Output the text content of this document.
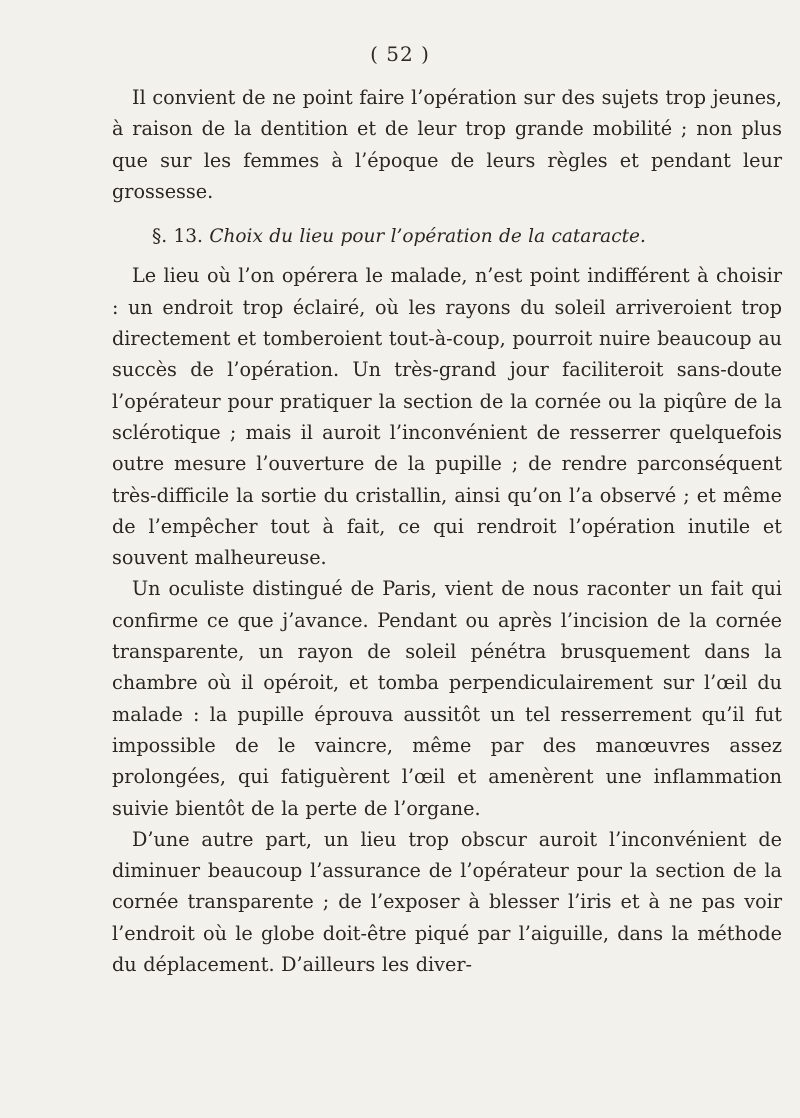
( 52 )

Il convient de ne point faire l’opération sur des sujets trop jeunes, à raison de la dentition et de leur trop grande mobilité ; non plus que sur les femmes à l’époque de leurs règles et pendant leur grossesse.

§. 13. Choix du lieu pour l’opération de la cataracte.

Le lieu où l’on opérera le malade, n’est point indifférent à choisir : un endroit trop éclairé, où les rayons du soleil arriveroient trop directement et tomberoient tout-à-coup, pourroit nuire beaucoup au succès de l’opération. Un très-grand jour faciliteroit sans-doute l’opérateur pour pratiquer la section de la cornée ou la piqûre de la sclérotique ; mais il auroit l’inconvénient de resserrer quelquefois outre mesure l’ouverture de la pupille ; de rendre parconséquent très-difficile la sortie du cristallin, ainsi qu’on l’a observé ; et même de l’empêcher tout à fait, ce qui rendroit l’opération inutile et souvent malheureuse.

Un oculiste distingué de Paris, vient de nous raconter un fait qui confirme ce que j’avance. Pendant ou après l’incision de la cornée transparente, un rayon de soleil pénétra brusquement dans la chambre où il opéroit, et tomba perpendiculairement sur l’œil du malade : la pupille éprouva aussitôt un tel resserrement qu’il fut impossible de le vaincre, même par des manœuvres assez prolongées, qui fatiguèrent l’œil et amenèrent une inflammation suivie bientôt de la perte de l’organe.

D’une autre part, un lieu trop obscur auroit l’inconvénient de diminuer beaucoup l’assurance de l’opérateur pour la section de la cornée transparente ; de l’exposer à blesser l’iris et à ne pas voir l’endroit où le globe doit-être piqué par l’aiguille, dans la méthode du déplacement. D’ailleurs les diver-
